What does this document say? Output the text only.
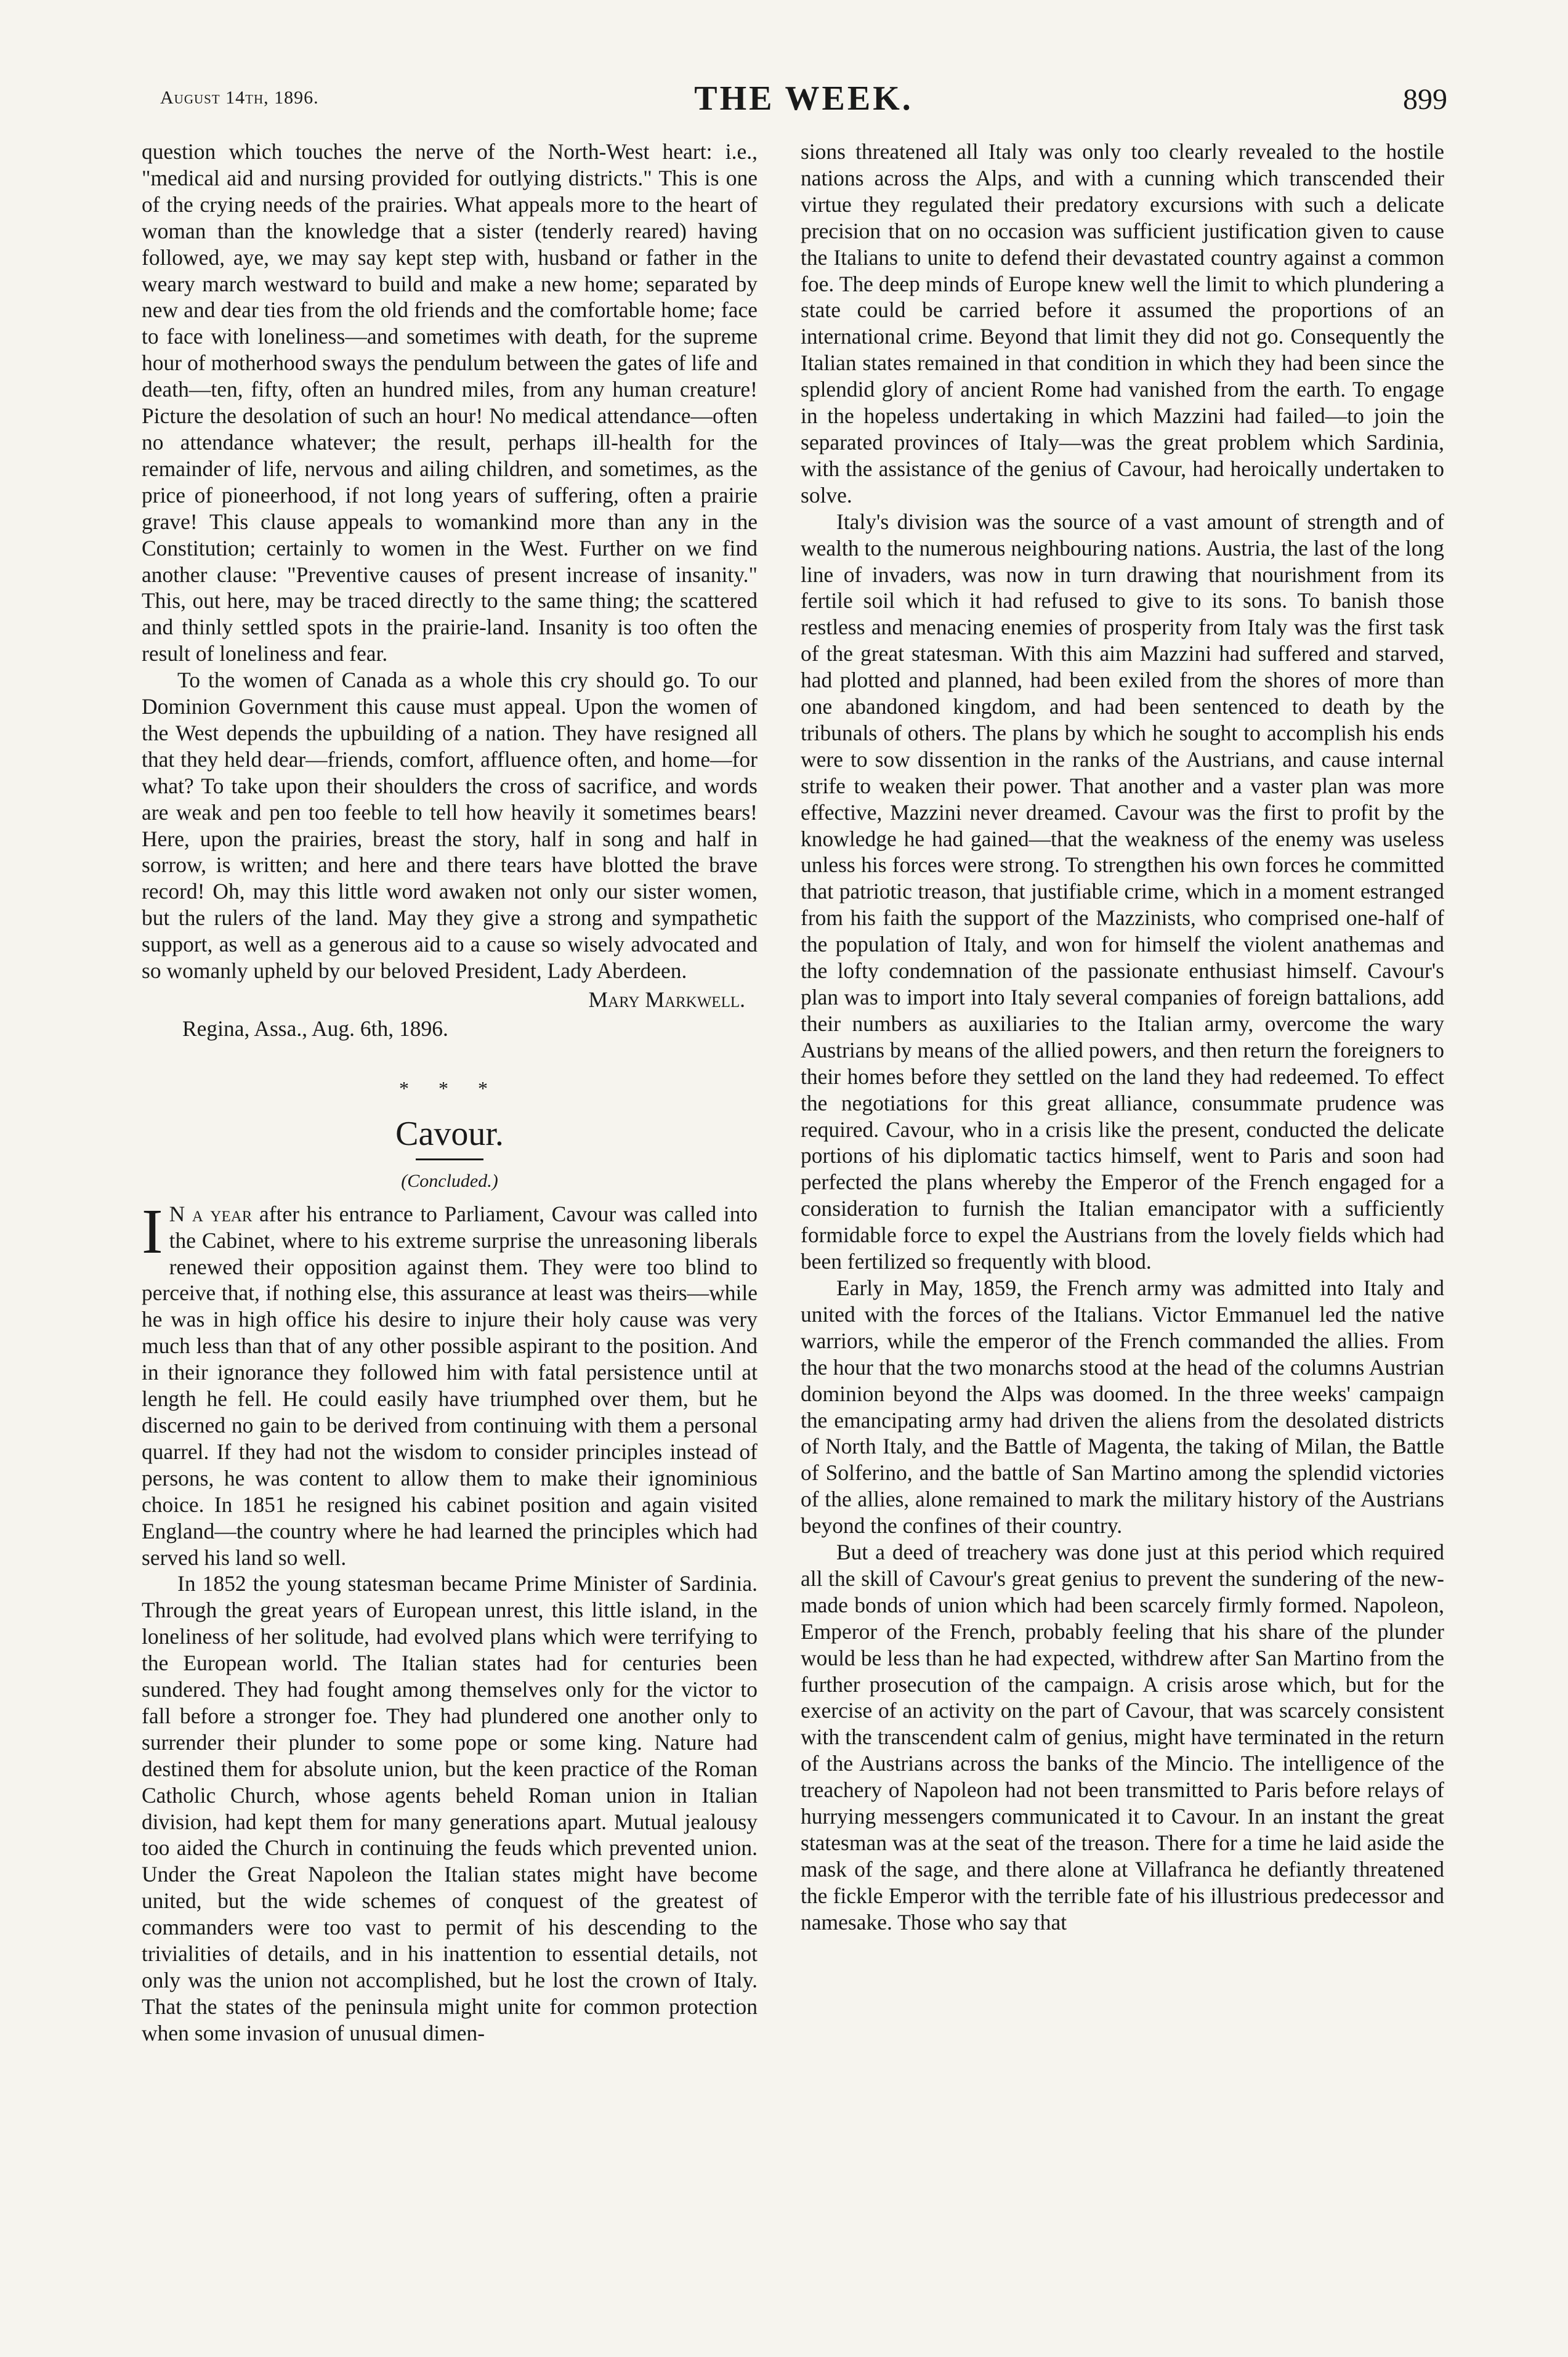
August 14th, 1896.	THE WEEK.	899

question which touches the nerve of the North-West heart: i.e., "medical aid and nursing provided for outlying districts." This is one of the crying needs of the prairies. What appeals more to the heart of woman than the knowledge that a sister (tenderly reared) having followed, aye, we may say kept step with, husband or father in the weary march westward to build and make a new home; separated by new and dear ties from the old friends and the comfortable home; face to face with loneliness—and sometimes with death, for the supreme hour of motherhood sways the pendulum between the gates of life and death—ten, fifty, often an hundred miles, from any human creature! Picture the desolation of such an hour! No medical attendance—often no attendance whatever; the result, perhaps ill-health for the remainder of life, nervous and ailing children, and sometimes, as the price of pioneerhood, if not long years of suffering, often a prairie grave! This clause appeals to womankind more than any in the Constitution; certainly to women in the West. Further on we find another clause: "Preventive causes of present increase of insanity." This, out here, may be traced directly to the same thing; the scattered and thinly settled spots in the prairie-land. Insanity is too often the result of loneliness and fear.

To the women of Canada as a whole this cry should go. To our Dominion Government this cause must appeal. Upon the women of the West depends the upbuilding of a nation. They have resigned all that they held dear—friends, comfort, affluence often, and home—for what? To take upon their shoulders the cross of sacrifice, and words are weak and pen too feeble to tell how heavily it sometimes bears! Here, upon the prairies, breast the story, half in song and half in sorrow, is written; and here and there tears have blotted the brave record! Oh, may this little word awaken not only our sister women, but the rulers of the land. May they give a strong and sympathetic support, as well as a generous aid to a cause so wisely advocated and so womanly upheld by our beloved President, Lady Aberdeen.

Mary Markwell.
Regina, Assa., Aug. 6th, 1896.
* * *
Cavour.
(Concluded.)

I N a year after his entrance to Parliament, Cavour was called into the Cabinet, where to his extreme surprise the unreasoning liberals renewed their opposition against them. They were too blind to perceive that, if nothing else, this assurance at least was theirs—while he was in high office his desire to injure their holy cause was very much less than that of any other possible aspirant to the position. And in their ignorance they followed him with fatal persistence until at length he fell. He could easily have triumphed over them, but he discerned no gain to be derived from continuing with them a personal quarrel. If they had not the wisdom to consider principles instead of persons, he was content to allow them to make their ignominious choice. In 1851 he resigned his cabinet position and again visited England—the country where he had learned the principles which had served his land so well.

In 1852 the young statesman became Prime Minister of Sardinia. Through the great years of European unrest, this little island, in the loneliness of her solitude, had evolved plans which were terrifying to the European world. The Italian states had for centuries been sundered. They had fought among themselves only for the victor to fall before a stronger foe. They had plundered one another only to surrender their plunder to some pope or some king. Nature had destined them for absolute union, but the keen practice of the Roman Catholic Church, whose agents beheld Roman union in Italian division, had kept them for many generations apart. Mutual jealousy too aided the Church in continuing the feuds which prevented union. Under the Great Napoleon the Italian states might have become united, but the wide schemes of conquest of the greatest of commanders were too vast to permit of his descending to the trivialities of details, and in his inattention to essential details, not only was the union not accomplished, but he lost the crown of Italy. That the states of the peninsula might unite for common protection when some invasion of unusual dimen-

sions threatened all Italy was only too clearly revealed to the hostile nations across the Alps, and with a cunning which transcended their virtue they regulated their predatory excursions with such a delicate precision that on no occasion was sufficient justification given to cause the Italians to unite to defend their devastated country against a common foe. The deep minds of Europe knew well the limit to which plundering a state could be carried before it assumed the proportions of an international crime. Beyond that limit they did not go. Consequently the Italian states remained in that condition in which they had been since the splendid glory of ancient Rome had vanished from the earth. To engage in the hopeless undertaking in which Mazzini had failed—to join the separated provinces of Italy—was the great problem which Sardinia, with the assistance of the genius of Cavour, had heroically undertaken to solve.

Italy's division was the source of a vast amount of strength and of wealth to the numerous neighbouring nations. Austria, the last of the long line of invaders, was now in turn drawing that nourishment from its fertile soil which it had refused to give to its sons. To banish those restless and menacing enemies of prosperity from Italy was the first task of the great statesman. With this aim Mazzini had suffered and starved, had plotted and planned, had been exiled from the shores of more than one abandoned kingdom, and had been sentenced to death by the tribunals of others. The plans by which he sought to accomplish his ends were to sow dissention in the ranks of the Austrians, and cause internal strife to weaken their power. That another and a vaster plan was more effective, Mazzini never dreamed. Cavour was the first to profit by the knowledge he had gained—that the weakness of the enemy was useless unless his forces were strong. To strengthen his own forces he committed that patriotic treason, that justifiable crime, which in a moment estranged from his faith the support of the Mazzinists, who comprised one-half of the population of Italy, and won for himself the violent anathemas and the lofty condemnation of the passionate enthusiast himself. Cavour's plan was to import into Italy several companies of foreign battalions, add their numbers as auxiliaries to the Italian army, overcome the wary Austrians by means of the allied powers, and then return the foreigners to their homes before they settled on the land they had redeemed. To effect the negotiations for this great alliance, consummate prudence was required. Cavour, who in a crisis like the present, conducted the delicate portions of his diplomatic tactics himself, went to Paris and soon had perfected the plans whereby the Emperor of the French engaged for a consideration to furnish the Italian emancipator with a sufficiently formidable force to expel the Austrians from the lovely fields which had been fertilized so frequently with blood.

Early in May, 1859, the French army was admitted into Italy and united with the forces of the Italians. Victor Emmanuel led the native warriors, while the emperor of the French commanded the allies. From the hour that the two monarchs stood at the head of the columns Austrian dominion beyond the Alps was doomed. In the three weeks' campaign the emancipating army had driven the aliens from the desolated districts of North Italy, and the Battle of Magenta, the taking of Milan, the Battle of Solferino, and the battle of San Martino among the splendid victories of the allies, alone remained to mark the military history of the Austrians beyond the confines of their country.

But a deed of treachery was done just at this period which required all the skill of Cavour's great genius to prevent the sundering of the new-made bonds of union which had been scarcely firmly formed. Napoleon, Emperor of the French, probably feeling that his share of the plunder would be less than he had expected, withdrew after San Martino from the further prosecution of the campaign. A crisis arose which, but for the exercise of an activity on the part of Cavour, that was scarcely consistent with the transcendent calm of genius, might have terminated in the return of the Austrians across the banks of the Mincio. The intelligence of the treachery of Napoleon had not been transmitted to Paris before relays of hurrying messengers communicated it to Cavour. In an instant the great statesman was at the seat of the treason. There for a time he laid aside the mask of the sage, and there alone at Villafranca he defiantly threatened the fickle Emperor with the terrible fate of his illustrious predecessor and namesake. Those who say that
